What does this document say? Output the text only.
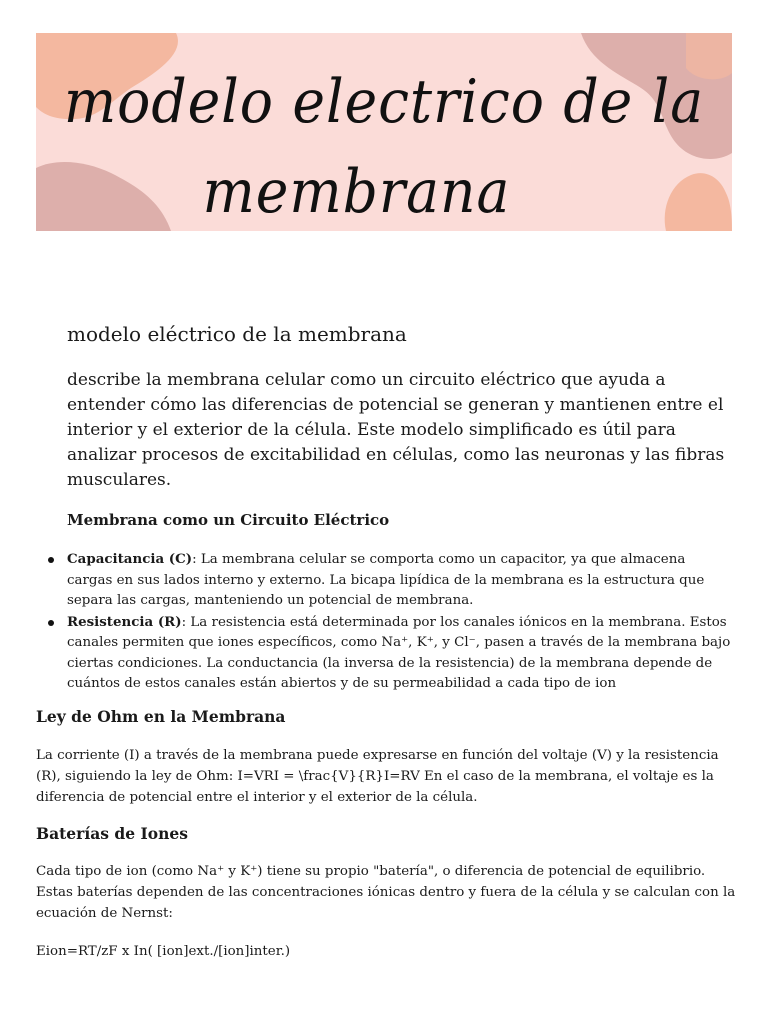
modelo electrico de la
membrana
modelo eléctrico de la membrana
describe la membrana celular como un circuito eléctrico que ayuda a entender cómo las diferencias de potencial se generan y mantienen entre el interior y el exterior de la célula. Este modelo simplificado es útil para analizar procesos de excitabilidad en células, como las neuronas y las fibras musculares.
Membrana como un Circuito Eléctrico
Capacitancia (C): La membrana celular se comporta como un capacitor, ya que almacena cargas en sus lados interno y externo. La bicapa lipídica de la membrana es la estructura que separa las cargas, manteniendo un potencial de membrana.
Resistencia (R): La resistencia está determinada por los canales iónicos en la membrana. Estos canales permiten que iones específicos, como Na⁺, K⁺, y Cl⁻, pasen a través de la membrana bajo ciertas condiciones. La conductancia (la inversa de la resistencia) de la membrana depende de cuántos de estos canales están abiertos y de su permeabilidad a cada tipo de ion
Ley de Ohm en la Membrana
La corriente (I) a través de la membrana puede expresarse en función del voltaje (V) y la resistencia (R), siguiendo la ley de Ohm: I=VRI = \frac{V}{R}I=RV En el caso de la membrana, el voltaje es la diferencia de potencial entre el interior y el exterior de la célula.
Baterías de Iones
Cada tipo de ion (como Na⁺ y K⁺) tiene su propio "batería", o diferencia de potencial de equilibrio. Estas baterías dependen de las concentraciones iónicas dentro y fuera de la célula y se calculan con la ecuación de Nernst:
Eion=RT/zF x In( [ion]ext./[ion]inter.)
